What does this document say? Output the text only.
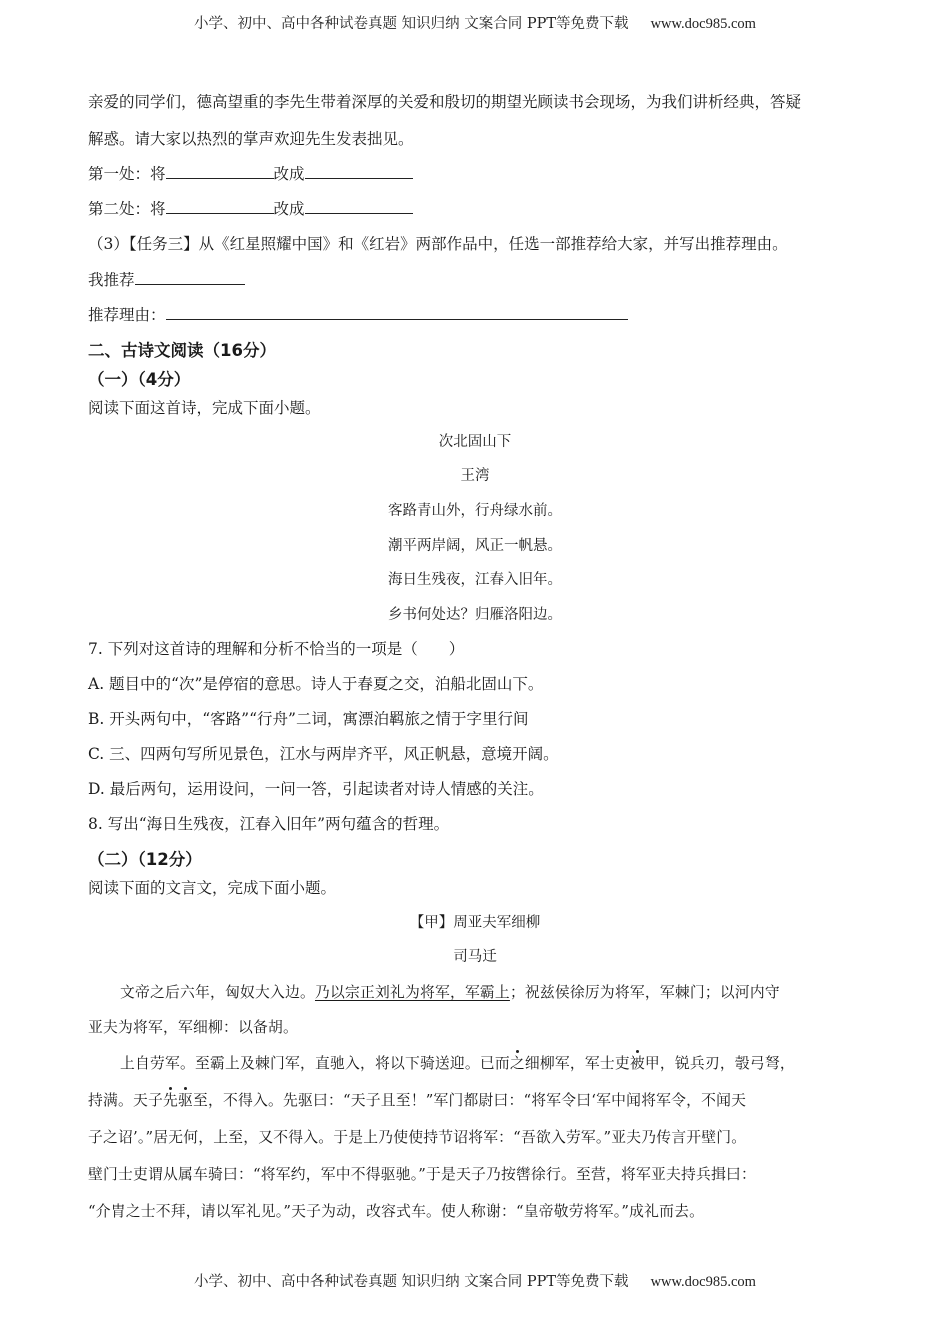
小学、初中、高中各种试卷真题 知识归纳 文案合同 PPT等免费下载 www.doc985.com
亲爱的同学们，德高望重的李先生带着深厚的关爱和殷切的期望光顾读书会现场，为我们讲析经典，答疑
解惑。请大家以热烈的掌声欢迎先生发表拙见。
第一处：将	改成
第二处：将	改成
（3）【任务三】从《红星照耀中国》和《红岩》两部作品中，任选一部推荐给大家，并写出推荐理由。
我推荐
推荐理由：
二、古诗文阅读（16分）
（一）（4分）
阅读下面这首诗，完成下面小题。
次北固山下
王湾
客路青山外，行舟绿水前。
潮平两岸阔，风正一帆悬。
海日生残夜，江春入旧年。
乡书何处达？归雁洛阳边。
7. 下列对这首诗的理解和分析不恰当的一项是（　　）
A. 题目中的“次”是停宿的意思。诗人于春夏之交，泊船北固山下。
B. 开头两句中，“客路”“行舟”二词，寓漂泊羁旅之情于字里行间
C. 三、四两句写所见景色，江水与两岸齐平，风正帆悬，意境开阔。
D. 最后两句，运用设问，一问一答，引起读者对诗人情感的关注。
8. 写出“海日生残夜，江春入旧年”两句蕴含的哲理。
（二）（12分）
阅读下面的文言文，完成下面小题。
【甲】周亚夫军细柳
司马迁
文帝之后六年，匈奴大入边。乃以宗正刘礼为将军，军霸上；祝兹侯徐厉为将军，军棘门；以河内守
亚夫为将军，军细柳：以备胡。
上自劳军。至霸上及棘门军，直驰入，将以下骑送迎。已而之细柳军，军士吏被甲，锐兵刃，彀弓弩，
持满。天子先驱至，不得入。先驱曰：“天子且至！”军门都尉曰：“将军令曰‘军中闻将军令，不闻天
子之诏’。”居无何，上至，又不得入。于是上乃使使持节诏将军：“吾欲入劳军。”亚夫乃传言开壁门。
壁门士吏谓从属车骑曰：“将军约，军中不得驱驰。”于是天子乃按辔徐行。至营，将军亚夫持兵揖曰：
“介胄之士不拜，请以军礼见。”天子为动，改容式车。使人称谢：“皇帝敬劳将军。”成礼而去。
小学、初中、高中各种试卷真题 知识归纳 文案合同 PPT等免费下载 www.doc985.com
